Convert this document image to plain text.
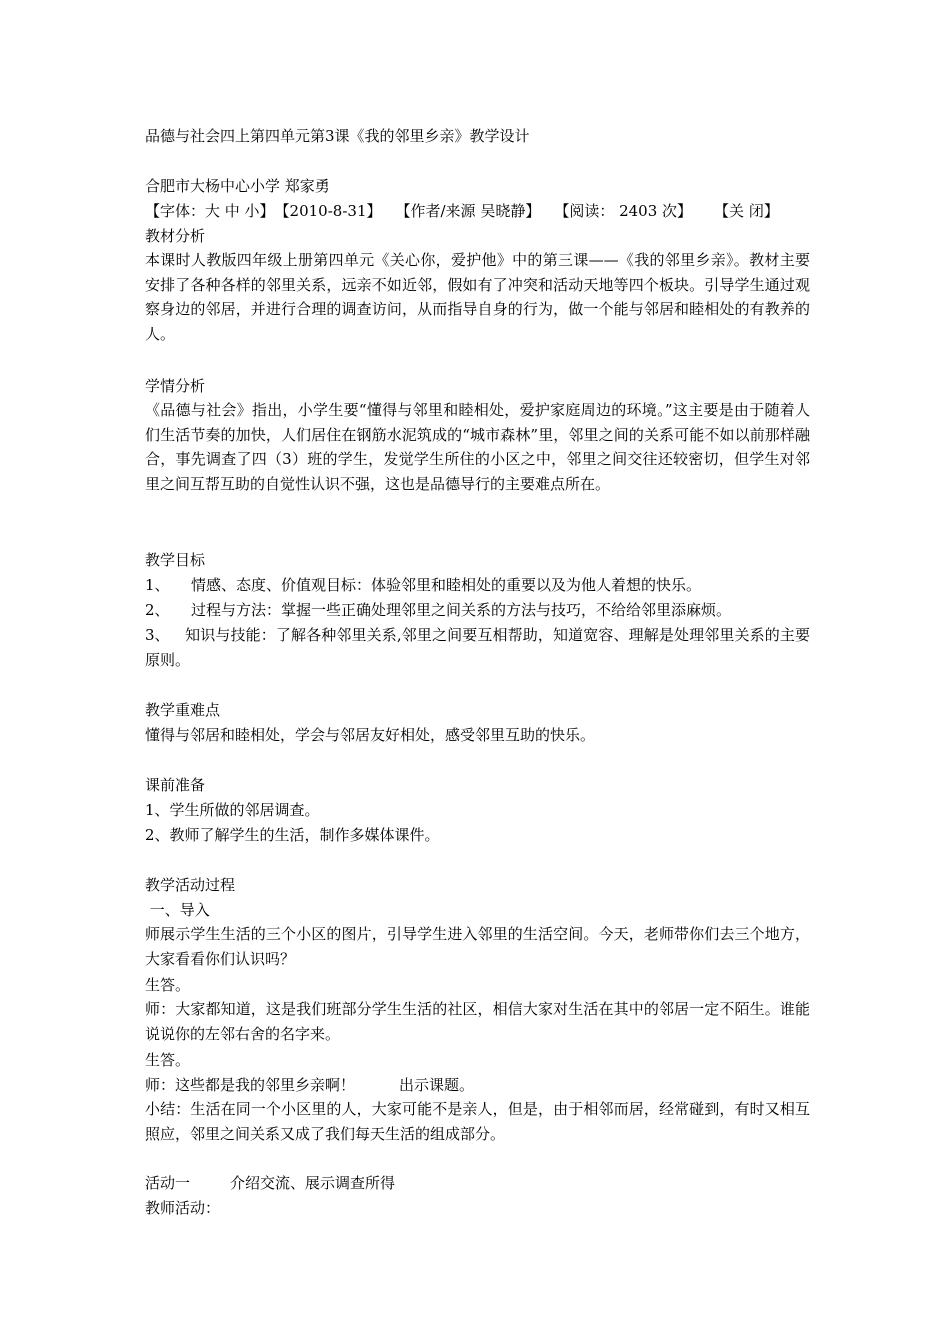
品德与社会四上第四单元第3课《我的邻里乡亲》教学设计
合肥市大杨中心小学 郑家勇
【字体：大 中 小】【2010-8-31】 【作者/来源 吴晓静】 【阅读： 2403 次】 【关 闭】
教材分析
本课时人教版四年级上册第四单元《关心你，爱护他》中的第三课——《我的邻里乡亲》。教材主要安排了各种各样的邻里关系，远亲不如近邻，假如有了冲突和活动天地等四个板块。引导学生通过观察身边的邻居，并进行合理的调查访问，从而指导自身的行为，做一个能与邻居和睦相处的有教养的人。
学情分析
《品德与社会》指出，小学生要“懂得与邻里和睦相处，爱护家庭周边的环境。”这主要是由于随着人们生活节奏的加快，人们居住在钢筋水泥筑成的“城市森林”里，邻里之间的关系可能不如以前那样融合，事先调查了四（3）班的学生，发觉学生所住的小区之中，邻里之间交往还较密切，但学生对邻里之间互帮互助的自觉性认识不强，这也是品德导行的主要难点所在。
教学目标
1、 情感、态度、价值观目标：体验邻里和睦相处的重要以及为他人着想的快乐。
2、 过程与方法：掌握一些正确处理邻里之间关系的方法与技巧，不给给邻里添麻烦。
3、 知识与技能：了解各种邻里关系,邻里之间要互相帮助，知道宽容、理解是处理邻里关系的主要原则。
教学重难点
懂得与邻居和睦相处，学会与邻居友好相处，感受邻里互助的快乐。
课前准备
1、学生所做的邻居调查。
2、教师了解学生的生活，制作多媒体课件。
教学活动过程
一、导入
师展示学生生活的三个小区的图片，引导学生进入邻里的生活空间。今天，老师带你们去三个地方，大家看看你们认识吗？
生答。
师：大家都知道，这是我们班部分学生生活的社区，相信大家对生活在其中的邻居一定不陌生。谁能说说你的左邻右舍的名字来。
生答。
师：这些都是我的邻里乡亲啊！	出示课题。
小结：生活在同一个小区里的人，大家可能不是亲人，但是，由于相邻而居，经常碰到，有时又相互照应，邻里之间关系又成了我们每天生活的组成部分。
活动一	介绍交流、展示调查所得
教师活动：
